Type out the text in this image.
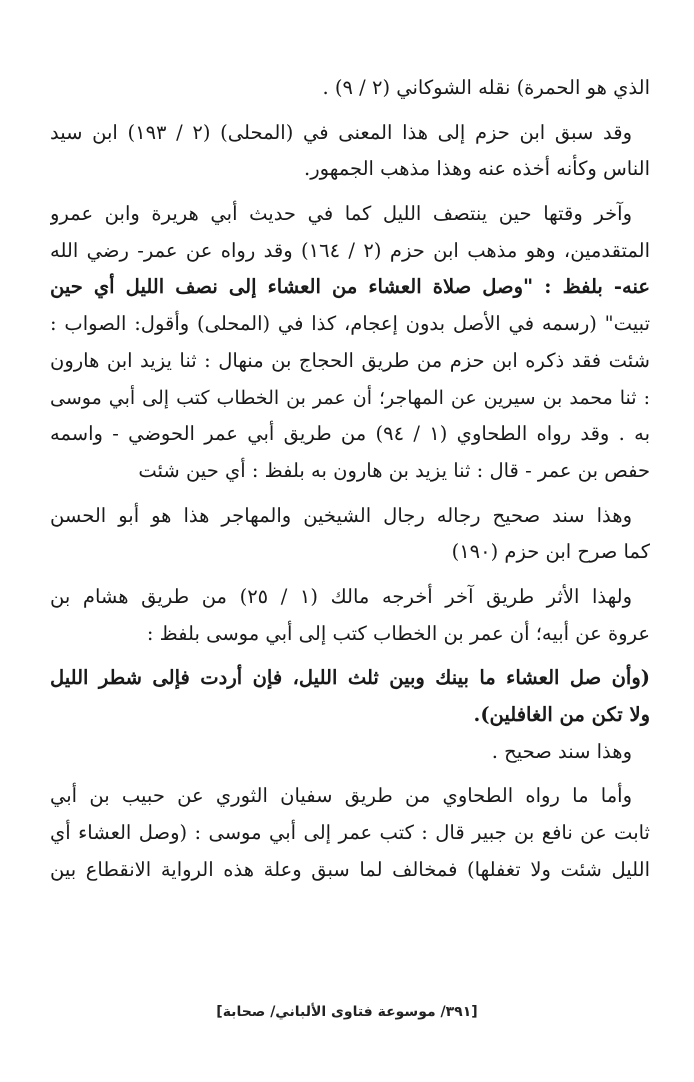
الذي هو الحمرة) نقله الشوكاني (٢ / ٩) .
وقد سبق ابن حزم إلى هذا المعنى في (المحلى) (٢ / ١٩٣) ابن سيد
الناس وكأنه أخذه عنه وهذا مذهب الجمهور.
وآخر وقتها حين ينتصف الليل كما في حديث أبي هريرة وابن عمرو
المتقدمين، وهو مذهب ابن حزم (٢ / ١٦٤) وقد رواه عن عمر- رضي الله
عنه- بلفظ : "وصل صلاة العشاء من العشاء إلى نصف الليل أي حين
تبيت" (رسمه في الأصل بدون إعجام، كذا في (المحلى) وأقول: الصواب :
شئت فقد ذكره ابن حزم من طريق الحجاج بن منهال : ثنا يزيد ابن هارون
: ثنا محمد بن سيرين عن المهاجر؛ أن عمر بن الخطاب كتب إلى أبي موسى
به . وقد رواه الطحاوي (١ / ٩٤) من طريق أبي عمر الحوضي - واسمه
حفص بن عمر - قال : ثنا يزيد بن هارون به بلفظ : أي حين شئت
وهذا سند صحيح رجاله رجال الشيخين والمهاجر هذا هو أبو الحسن
كما صرح ابن حزم (١٩٠)
ولهذا الأثر طريق آخر أخرجه مالك (١ / ٢٥) من طريق هشام بن
عروة عن أبيه؛ أن عمر بن الخطاب كتب إلى أبي موسى بلفظ :
(وأن صل العشاء ما بينك وبين ثلث الليل، فإن أردت فإلى شطر الليل
ولا تكن من الغافلين).
وهذا سند صحيح .
وأما ما رواه الطحاوي من طريق سفيان الثوري عن حبيب بن أبي
ثابت عن نافع بن جبير قال : كتب عمر إلى أبي موسى : (وصل العشاء أي
الليل شئت ولا تغفلها) فمخالف لما سبق وعلة هذه الرواية الانقطاع بين
[٣٩١/ موسوعة فتاوى الألباني/ صحابة]
